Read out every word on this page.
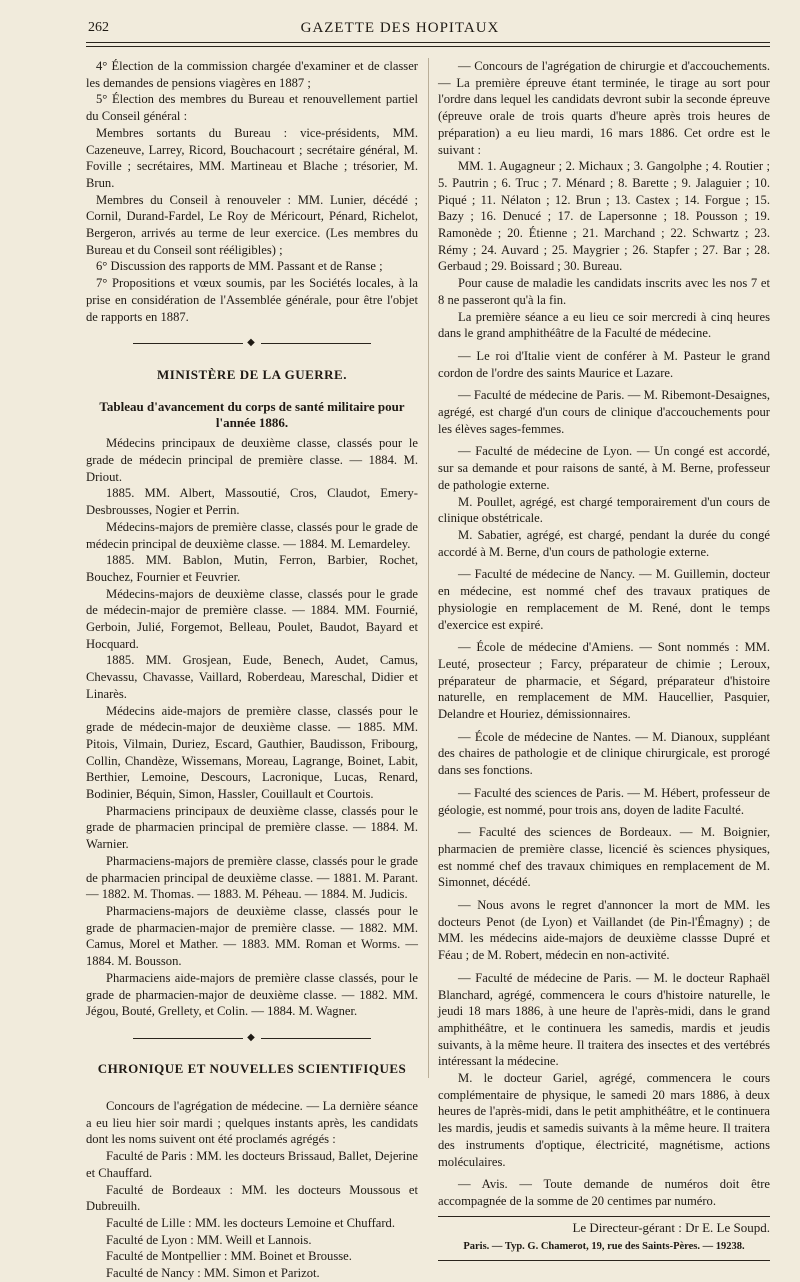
262	GAZETTE DES HOPITAUX

4° Élection de la commission chargée d'examiner et de classer les demandes de pensions viagères en 1887 ;

5° Élection des membres du Bureau et renouvellement partiel du Conseil général :

Membres sortants du Bureau : vice-présidents, MM. Cazeneuve, Larrey, Ricord, Bouchacourt ; secrétaire général, M. Foville ; secrétaires, MM. Martineau et Blache ; trésorier, M. Brun.

Membres du Conseil à renouveler : MM. Lunier, décédé ; Cornil, Durand-Fardel, Le Roy de Méricourt, Pénard, Richelot, Bergeron, arrivés au terme de leur exercice. (Les membres du Bureau et du Conseil sont rééligibles) ;

6° Discussion des rapports de MM. Passant et de Ranse ;

7° Propositions et vœux soumis, par les Sociétés locales, à la prise en considération de l'Assemblée générale, pour être l'objet de rapports en 1887.

◆
MINISTÈRE DE LA GUERRE.
Tableau d'avancement du corps de santé militaire pour l'année 1886.

Médecins principaux de deuxième classe, classés pour le grade de médecin principal de première classe. — 1884. M. Driout.

1885. MM. Albert, Massoutié, Cros, Claudot, Emery-Desbrousses, Nogier et Perrin.

Médecins-majors de première classe, classés pour le grade de médecin principal de deuxième classe. — 1884. M. Lemardeley.

1885. MM. Bablon, Mutin, Ferron, Barbier, Rochet, Bouchez, Fournier et Feuvrier.

Médecins-majors de deuxième classe, classés pour le grade de médecin-major de première classe. — 1884. MM. Fournié, Gerboin, Julié, Forgemot, Belleau, Poulet, Baudot, Bayard et Hocquard.

1885. MM. Grosjean, Eude, Benech, Audet, Camus, Chevassu, Chavasse, Vaillard, Roberdeau, Mareschal, Didier et Linarès.

Médecins aide-majors de première classe, classés pour le grade de médecin-major de deuxième classe. — 1885. MM. Pitois, Vilmain, Duriez, Escard, Gauthier, Baudisson, Fribourg, Collin, Chandèze, Wissemans, Moreau, Lagrange, Boinet, Labit, Berthier, Lemoine, Descours, Lacronique, Lucas, Renard, Bodinier, Béquin, Simon, Hassler, Couillault et Courtois.

Pharmaciens principaux de deuxième classe, classés pour le grade de pharmacien principal de première classe. — 1884. M. Warnier.

Pharmaciens-majors de première classe, classés pour le grade de pharmacien principal de deuxième classe. — 1881. M. Parant. — 1882. M. Thomas. — 1883. M. Péheau. — 1884. M. Judicis.

Pharmaciens-majors de deuxième classe, classés pour le grade de pharmacien-major de première classe. — 1882. MM. Camus, Morel et Mather. — 1883. MM. Roman et Worms. — 1884. M. Bousson.

Pharmaciens aide-majors de première classe classés, pour le grade de pharmacien-major de deuxième classe. — 1882. MM. Jégou, Bouté, Grellety, et Colin. — 1884. M. Wagner.

◆
CHRONIQUE ET NOUVELLES SCIENTIFIQUES

Concours de l'agrégation de médecine. — La dernière séance a eu lieu hier soir mardi ; quelques instants après, les candidats dont les noms suivent ont été proclamés agrégés :

Faculté de Paris : MM. les docteurs Brissaud, Ballet, Dejerine et Chauffard.

Faculté de Bordeaux : MM. les docteurs Moussous et Dubreuilh.

Faculté de Lille : MM. les docteurs Lemoine et Chuffard.

Faculté de Lyon : MM. Weill et Lannois.

Faculté de Montpellier : MM. Boinet et Brousse.

Faculté de Nancy : MM. Simon et Parizot.

— Concours de l'agrégation de chirurgie et d'accouchements. — La première épreuve étant terminée, le tirage au sort pour l'ordre dans lequel les candidats devront subir la seconde épreuve (épreuve orale de trois quarts d'heure après trois heures de préparation) a eu lieu mardi, 16 mars 1886. Cet ordre est le suivant :

MM. 1. Augagneur ; 2. Michaux ; 3. Gangolphe ; 4. Routier ; 5. Pautrin ; 6. Truc ; 7. Ménard ; 8. Barette ; 9. Jalaguier ; 10. Piqué ; 11. Nélaton ; 12. Brun ; 13. Castex ; 14. Forgue ; 15. Bazy ; 16. Denucé ; 17. de Lapersonne ; 18. Pousson ; 19. Ramonède ; 20. Étienne ; 21. Marchand ; 22. Schwartz ; 23. Rémy ; 24. Auvard ; 25. Maygrier ; 26. Stapfer ; 27. Bar ; 28. Gerbaud ; 29. Boissard ; 30. Bureau.

Pour cause de maladie les candidats inscrits avec les nos 7 et 8 ne passeront qu'à la fin.

La première séance a eu lieu ce soir mercredi à cinq heures dans le grand amphithéâtre de la Faculté de médecine.

— Le roi d'Italie vient de conférer à M. Pasteur le grand cordon de l'ordre des saints Maurice et Lazare.

— Faculté de médecine de Paris. — M. Ribemont-Desaignes, agrégé, est chargé d'un cours de clinique d'accouchements pour les élèves sages-femmes.

— Faculté de médecine de Lyon. — Un congé est accordé, sur sa demande et pour raisons de santé, à M. Berne, professeur de pathologie externe.

M. Poullet, agrégé, est chargé temporairement d'un cours de clinique obstétricale.

M. Sabatier, agrégé, est chargé, pendant la durée du congé accordé à M. Berne, d'un cours de pathologie externe.

— Faculté de médecine de Nancy. — M. Guillemin, docteur en médecine, est nommé chef des travaux pratiques de physiologie en remplacement de M. René, dont le temps d'exercice est expiré.

— École de médecine d'Amiens. — Sont nommés : MM. Leuté, prosecteur ; Farcy, préparateur de chimie ; Leroux, préparateur de pharmacie, et Ségard, préparateur d'histoire naturelle, en remplacement de MM. Haucellier, Pasquier, Delandre et Houriez, démissionnaires.

— École de médecine de Nantes. — M. Dianoux, suppléant des chaires de pathologie et de clinique chirurgicale, est prorogé dans ses fonctions.

— Faculté des sciences de Paris. — M. Hébert, professeur de géologie, est nommé, pour trois ans, doyen de ladite Faculté.

— Faculté des sciences de Bordeaux. — M. Boignier, pharmacien de première classe, licencié ès sciences physiques, est nommé chef des travaux chimiques en remplacement de M. Simonnet, décédé.

— Nous avons le regret d'annoncer la mort de MM. les docteurs Penot (de Lyon) et Vaillandet (de Pin-l'Émagny) ; de MM. les médecins aide-majors de deuxième classse Dupré et Féau ; de M. Robert, médecin en non-activité.

— Faculté de médecine de Paris. — M. le docteur Raphaël Blanchard, agrégé, commencera le cours d'histoire naturelle, le jeudi 18 mars 1886, à une heure de l'après-midi, dans le grand amphithéâtre, et le continuera les samedis, mardis et jeudis suivants, à la même heure. Il traitera des insectes et des vertébrés intéressant la médecine.

M. le docteur Gariel, agrégé, commencera le cours complémentaire de physique, le samedi 20 mars 1886, à deux heures de l'après-midi, dans le petit amphithéâtre, et le continuera les mardis, jeudis et samedis suivants à la même heure. Il traitera des instruments d'optique, électricité, magnétisme, actions moléculaires.

— Avis. — Toute demande de numéros doit être accompagnée de la somme de 20 centimes par numéro.

Le Directeur-gérant : Dr E. Le Soupd.
Paris. — Typ. G. Chamerot, 19, rue des Saints-Pères. — 19238.
